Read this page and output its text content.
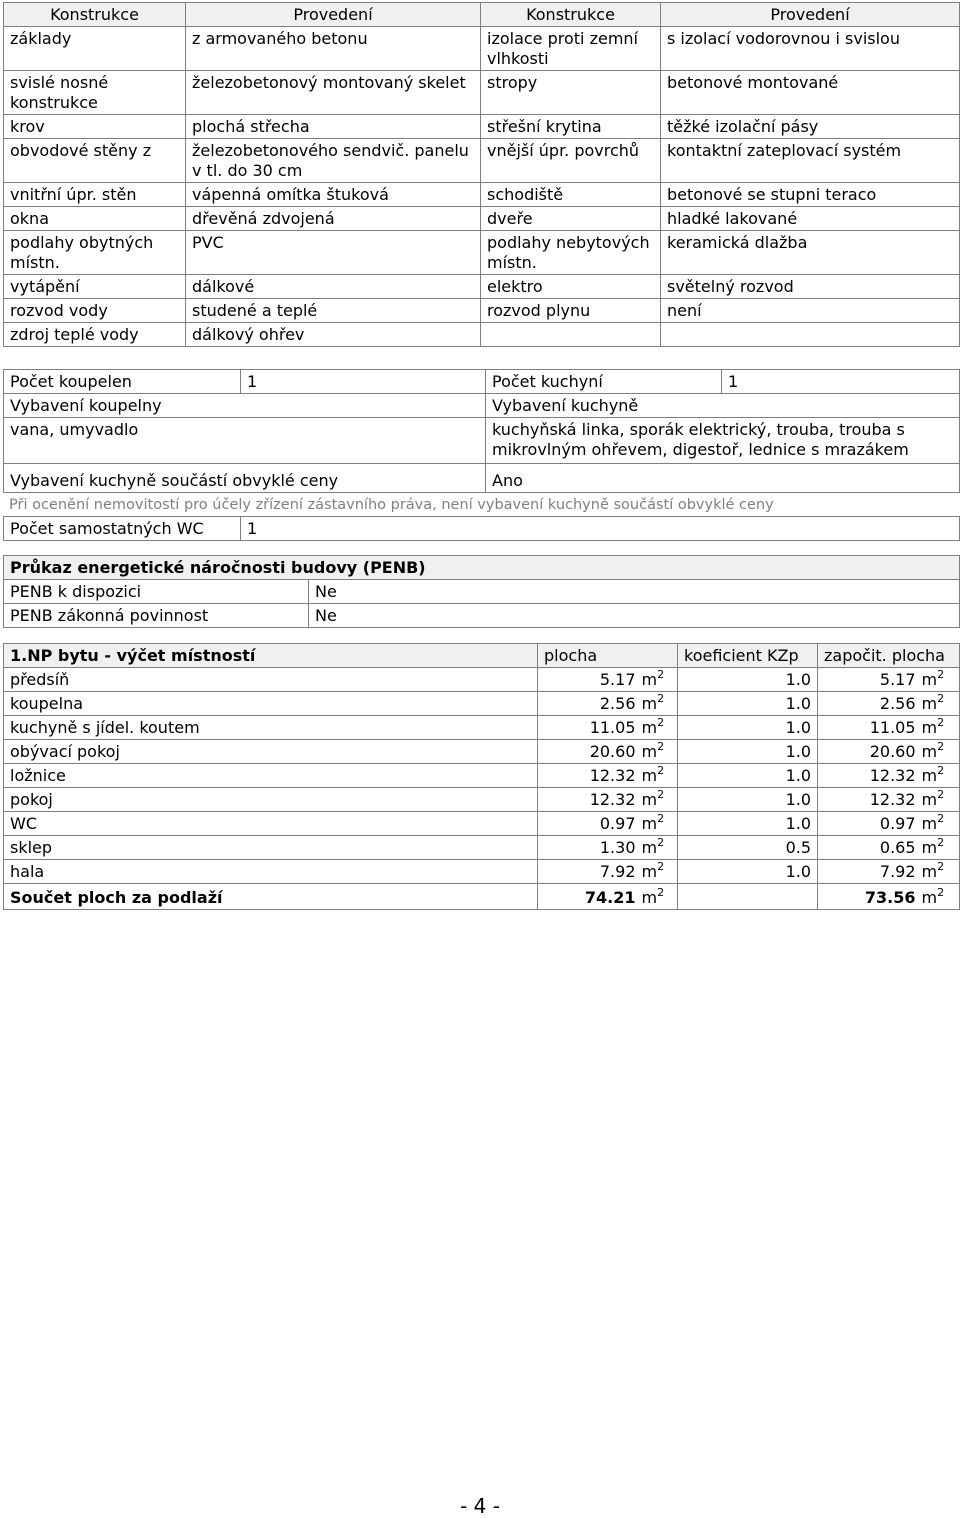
Konstrukce	Provedení	Konstrukce	Provedení
základy	z armovaného betonu	izolace proti zemní vlhkosti	s izolací vodorovnou i svislou
svislé nosné konstrukce	železobetonový montovaný skelet	stropy	betonové montované
krov	plochá střecha	střešní krytina	těžké izolační pásy
obvodové stěny z	železobetonového sendvič. panelu v tl. do 30 cm	vnější úpr. povrchů	kontaktní zateplovací systém
vnitřní úpr. stěn	vápenná omítka štuková	schodiště	betonové se stupni teraco
okna	dřevěná zdvojená	dveře	hladké lakované
podlahy obytných místn.	PVC	podlahy nebytových místn.	keramická dlažba
vytápění	dálkové	elektro	světelný rozvod
rozvod vody	studené a teplé	rozvod plynu	není
zdroj teplé vody	dálkový ohřev		
Počet koupelen	1	Počet kuchyní	1
Vybavení koupelny		Vybavení kuchyně	
vana, umyvadlo		kuchyňská linka, sporák elektrický, trouba, trouba s mikrovlným ohřevem, digestoř, lednice s mrazákem	
Vybavení kuchyně součástí obvyklé ceny		Ano	
Při ocenění nemovitostí pro účely zřízení zástavního práva, není vybavení kuchyně součástí obvyklé ceny
Počet samostatných WC	1
Průkaz energetické náročnosti budovy (PENB)	
PENB k dispozici	Ne
PENB zákonná povinnost	Ne
1.NP bytu - výčet místností	plocha		koeficient KZp	započit. plocha	
předsíň	5.17	$m^2$	1.0	5.17	$m^2$
koupelna	2.56	$m^2$	1.0	2.56	$m^2$
kuchyně s jídel. koutem	11.05	$m^2$	1.0	11.05	$m^2$
obývací pokoj	20.60	$m^2$	1.0	20.60	$m^2$
ložnice	12.32	$m^2$	1.0	12.32	$m^2$
pokoj	12.32	$m^2$	1.0	12.32	$m^2$
WC	0.97	$m^2$	1.0	0.97	$m^2$
sklep	1.30	$m^2$	0.5	0.65	$m^2$
hala	7.92	$m^2$	1.0	7.92	$m^2$
Součet ploch za podlaží	74.21	$m^2$		73.56	$m^2$
- 4 -
